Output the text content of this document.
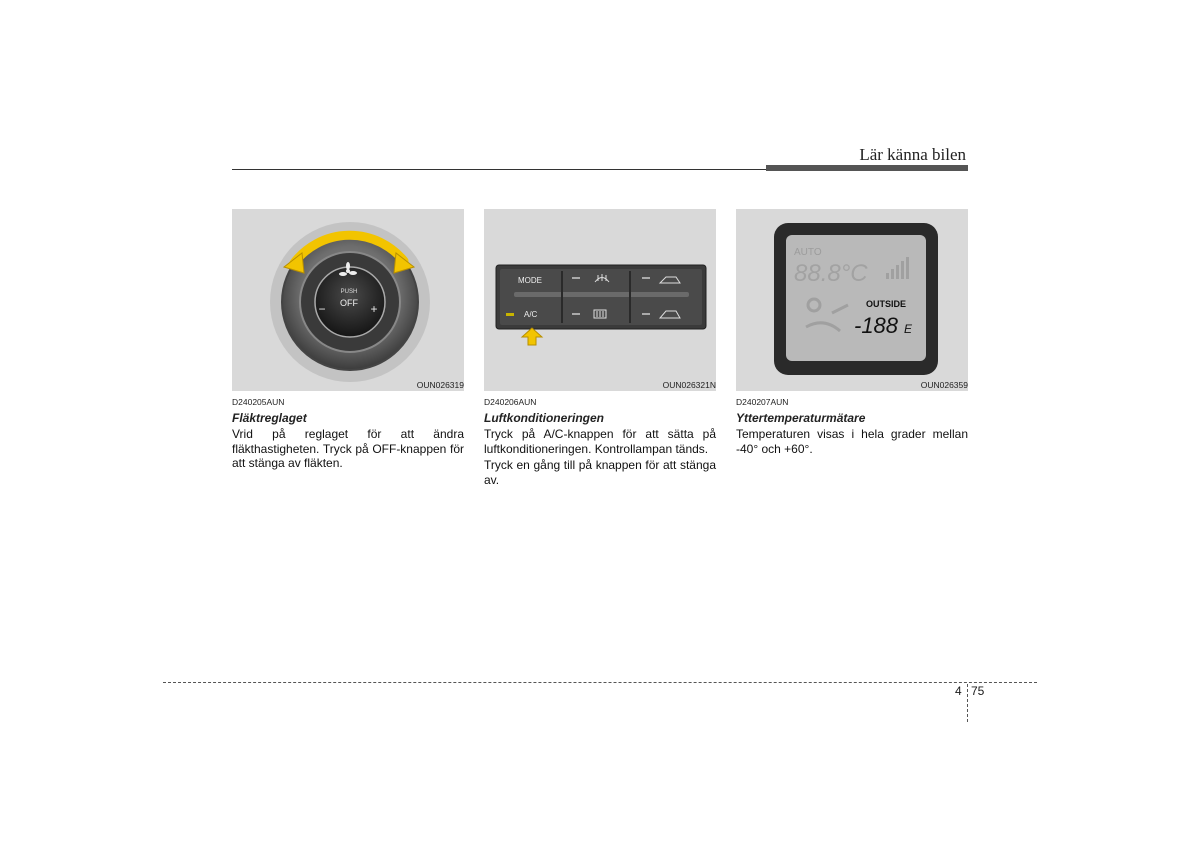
Lär känna bilen
PUSH
OFF
−	+
OUN026319
D240205AUN
Fläktreglaget

Vrid på reglaget för att ändra fläkthastigheten. Tryck på OFF-knappen för att stänga av fläkten.

MODE
A/C
OUN026321N
D240206AUN
Luftkonditioneringen

Tryck på A/C-knappen för att sätta på luftkonditioneringen. Kontrollampan tänds.

Tryck en gång till på knappen för att stänga av.

AUTO
88.8°C
OUTSIDE
-188 E
OUN026359
D240207AUN
Yttertemperaturmätare

Temperaturen visas i hela grader mellan -40° och +60°.

4 75
